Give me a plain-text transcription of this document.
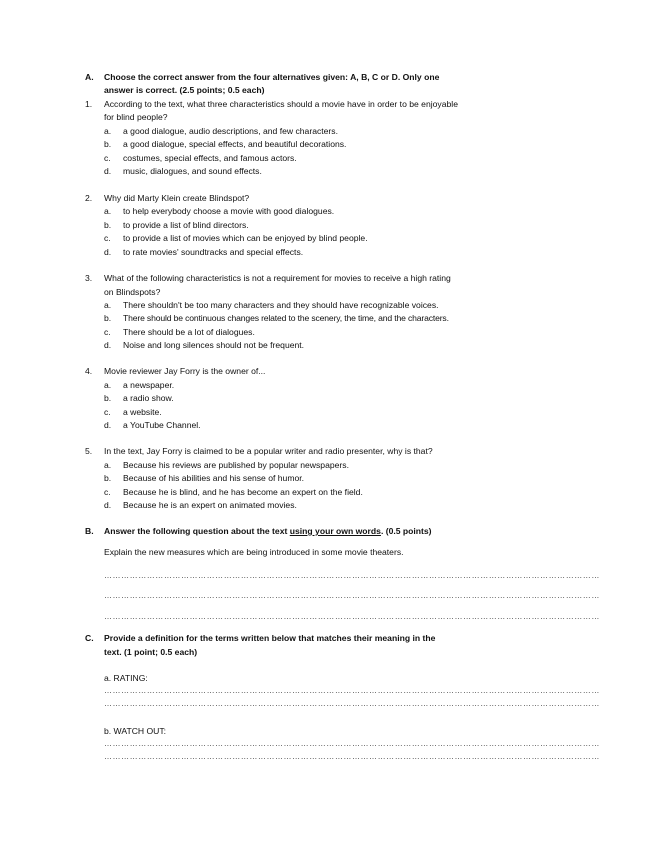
A. Choose the correct answer from the four alternatives given: A, B, C or D. Only one
answer is correct. (2.5 points; 0.5 each)
1. According to the text, what three characteristics should a movie have in order to be enjoyable
for blind people?
a. a good dialogue, audio descriptions, and few characters.
b. a good dialogue, special effects, and beautiful decorations.
c. costumes, special effects, and famous actors.
d. music, dialogues, and sound effects.
2. Why did Marty Klein create Blindspot?
a. to help everybody choose a movie with good dialogues.
b. to provide a list of blind directors.
c. to provide a list of movies which can be enjoyed by blind people.
d. to rate movies' soundtracks and special effects.
3. What of the following characteristics is not a requirement for movies to receive a high rating
on Blindspots?
a. There shouldn't be too many characters and they should have recognizable voices.
b. There should be continuous changes related to the scenery, the time, and the characters.
c. There should be a lot of dialogues.
d. Noise and long silences should not be frequent.
4. Movie reviewer Jay Forry is the owner of...
a. a newspaper.
b. a radio show.
c. a website.
d. a YouTube Channel.
5. In the text, Jay Forry is claimed to be a popular writer and radio presenter, why is that?
a. Because his reviews are published by popular newspapers.
b. Because of his abilities and his sense of humor.
c. Because he is blind, and he has become an expert on the field.
d. Because he is an expert on animated movies.
B. Answer the following question about the text using your own words. (0.5 points)
Explain the new measures which are being introduced in some movie theaters.
…………………………………………………………………………………………………………………………………………………………
…………………………………………………………………………………………………………………………………………………………
…………………………………………………………………………………………………………………………………………………………
C. Provide a definition for the terms written below that matches their meaning in the
text. (1 point; 0.5 each)
a. RATING:
…………………………………………………………………………………………………………………………………………………………
…………………………………………………………………………………………………………………………………………………………
b. WATCH OUT:
…………………………………………………………………………………………………………………………………………………………
…………………………………………………………………………………………………………………………………………………………
